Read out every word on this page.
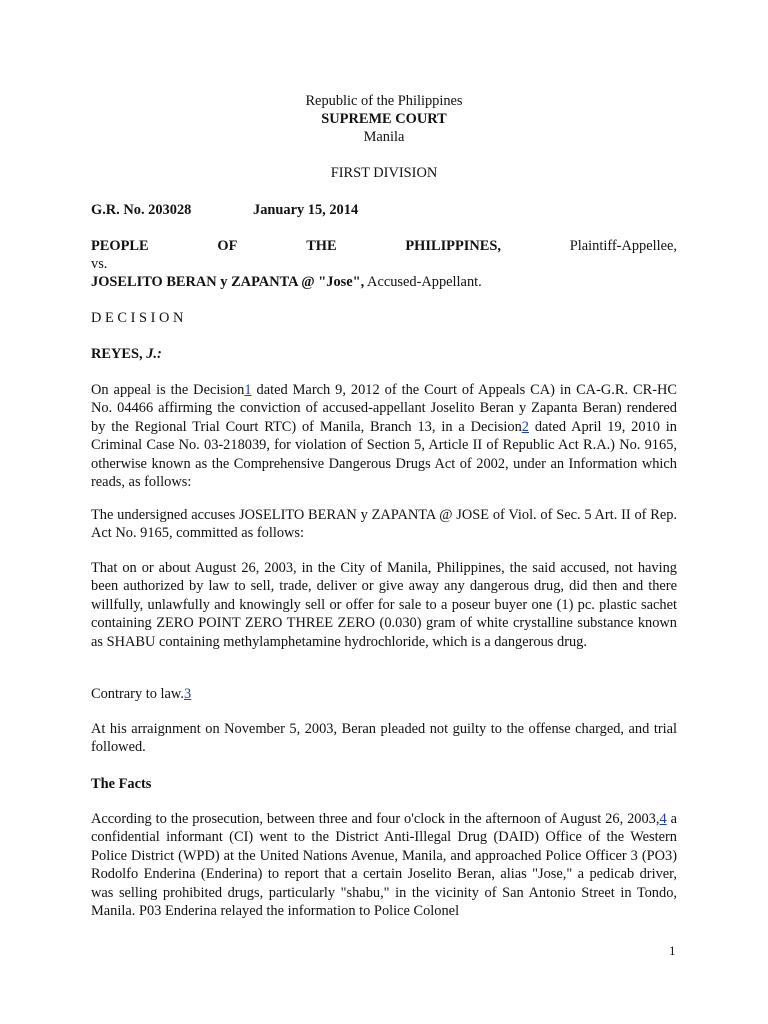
Republic of the Philippines
SUPREME COURT
Manila
FIRST DIVISION
G.R. No. 203028	January 15, 2014
PEOPLE	OF	THE	PHILIPPINES,	Plaintiff-Appellee,
vs.
JOSELITO BERAN y ZAPANTA @ "Jose", Accused-Appellant.
D E C I S I O N
REYES, J.:

On appeal is the Decision1 dated March 9, 2012 of the Court of Appeals CA) in CA-G.R. CR-HC No. 04466 affirming the conviction of accused-appellant Joselito Beran y Zapanta Beran) rendered by the Regional Trial Court RTC) of Manila, Branch 13, in a Decision2 dated April 19, 2010 in Criminal Case No. 03-218039, for violation of Section 5, Article II of Republic Act R.A.) No. 9165, otherwise known as the Comprehensive Dangerous Drugs Act of 2002, under an Information which reads, as follows:

The undersigned accuses JOSELITO BERAN y ZAPANTA @ JOSE of Viol. of Sec. 5 Art. II of Rep. Act No. 9165, committed as follows:

That on or about August 26, 2003, in the City of Manila, Philippines, the said accused, not having been authorized by law to sell, trade, deliver or give away any dangerous drug, did then and there willfully, unlawfully and knowingly sell or offer for sale to a poseur buyer one (1) pc. plastic sachet containing ZERO POINT ZERO THREE ZERO (0.030) gram of white crystalline substance known as SHABU containing methylamphetamine hydrochloride, which is a dangerous drug.

Contrary to law.3

At his arraignment on November 5, 2003, Beran pleaded not guilty to the offense charged, and trial followed.

The Facts

According to the prosecution, between three and four o'clock in the afternoon of August 26, 2003,4 a confidential informant (CI) went to the District Anti-Illegal Drug (DAID) Office of the Western Police District (WPD) at the United Nations Avenue, Manila, and approached Police Officer 3 (PO3) Rodolfo Enderina (Enderina) to report that a certain Joselito Beran, alias "Jose," a pedicab driver, was selling prohibited drugs, particularly "shabu," in the vicinity of San Antonio Street in Tondo, Manila. P03 Enderina relayed the information to Police Colonel

1
